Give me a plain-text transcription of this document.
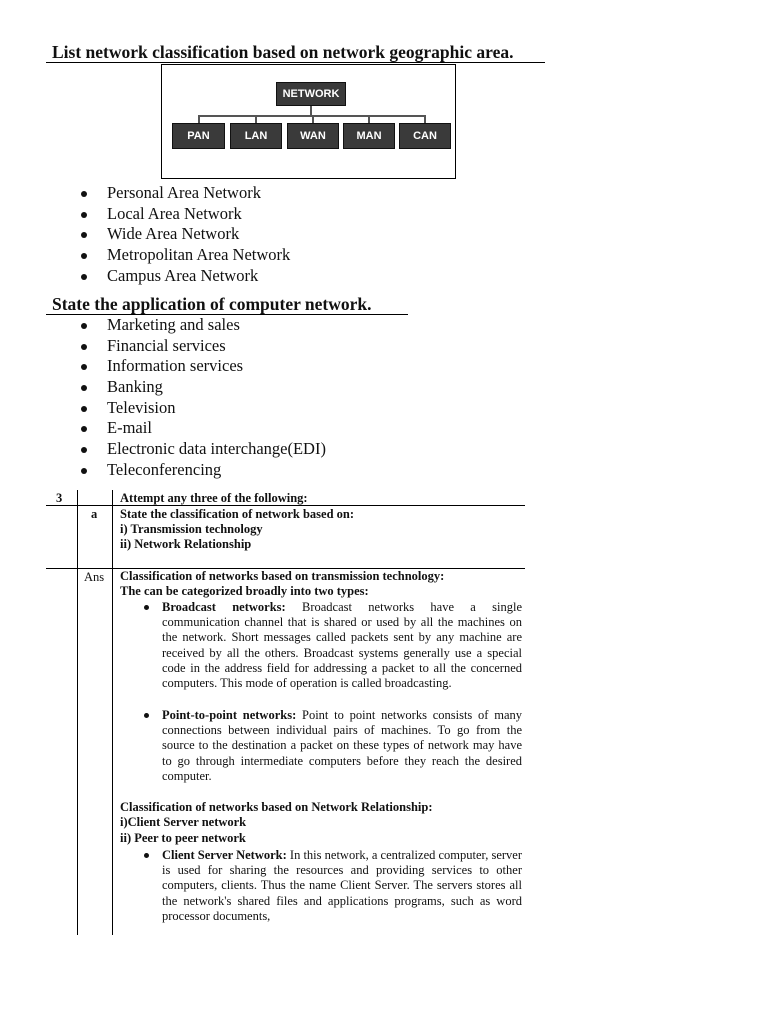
List network classification based on network geographic area.
NETWORK
PAN	LAN	WAN	MAN	CAN
Personal Area Network
Local Area Network
Wide Area Network
Metropolitan Area Network
Campus Area Network
State the application of computer network.
Marketing and sales
Financial services
Information services
Banking
Television
E-mail
Electronic data interchange(EDI)
Teleconferencing
3	Attempt any three of the following:
a State the classification of network based on:
i) Transmission technology
ii) Network Relationship
Ans Classification of networks based on transmission technology:
The can be categorized broadly into two types:
Broadcast networks: Broadcast networks have a single communication channel that is shared or used by all the machines on the network. Short messages called packets sent by any machine are received by all the others. Broadcast systems generally use a special code in the address field for addressing a packet to all the concerned computers. This mode of operation is called broadcasting.
Point-to-point networks: Point to point networks consists of many connections between individual pairs of machines. To go from the source to the destination a packet on these types of network may have to go through intermediate computers before they reach the desired computer.
Classification of networks based on Network Relationship:
i)Client Server network
ii) Peer to peer network
Client Server Network: In this network, a centralized computer, server is used for sharing the resources and providing services to other computers, clients. Thus the name Client Server. The servers stores all the network's shared files and applications programs, such as word processor documents,
